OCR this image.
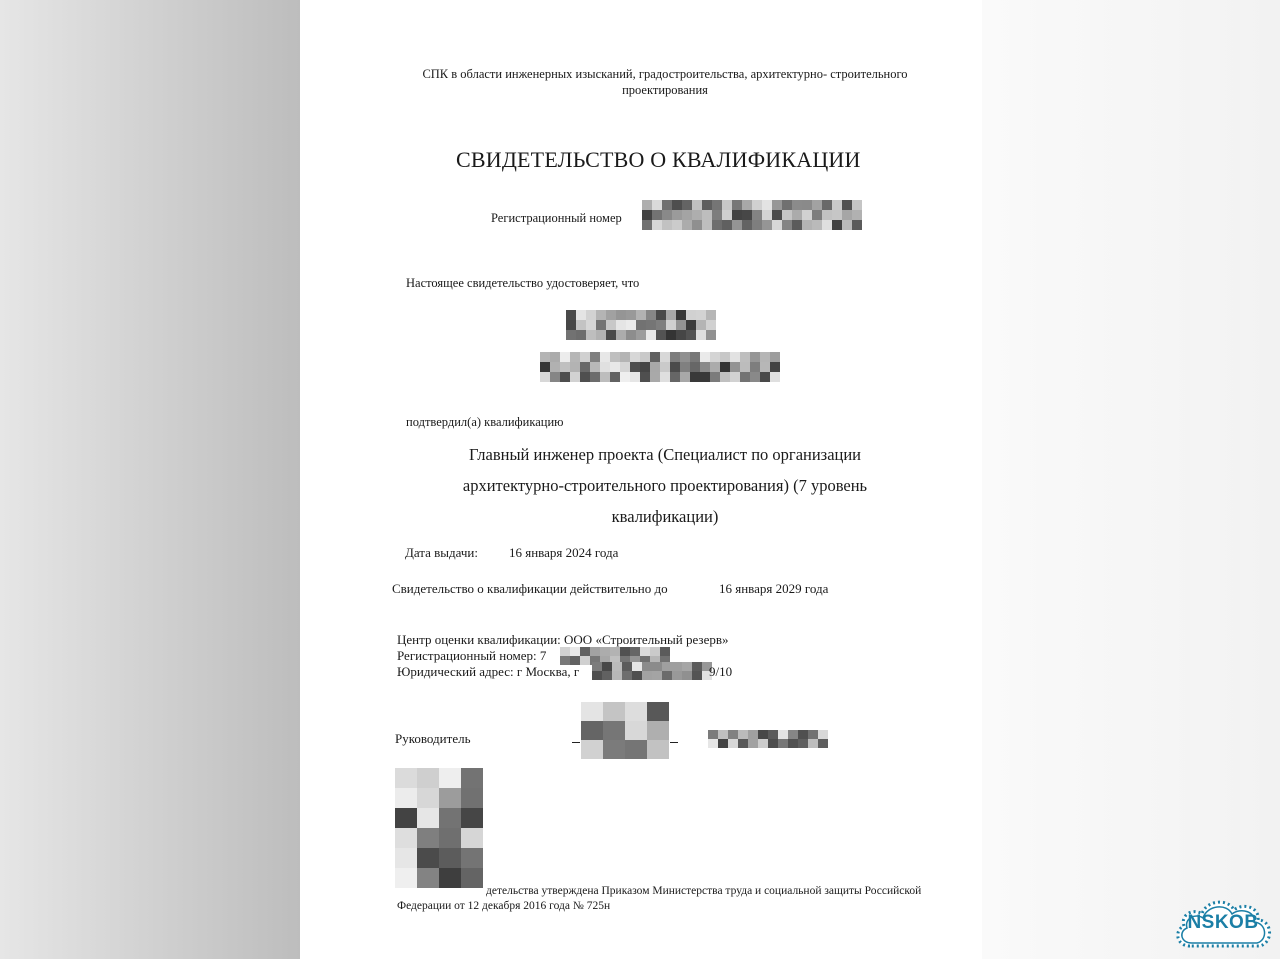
СПК в области инженерных изысканий, градостроительства, архитектурно- строительного проектирования
СВИДЕТЕЛЬСТВО О КВАЛИФИКАЦИИ
Регистрационный номер
Настоящее свидетельство удостоверяет, что
подтвердил(а) квалификацию
Главный инженер проекта (Специалист по организации архитектурно-строительного проектирования) (7 уровень квалификации)
Дата выдачи: 16 января 2024 года
Свидетельство о квалификации действительно до	16 января 2029 года
Центр оценки квалификации: ООО «Строительный резерв»
Регистрационный номер: 7
Юридический адрес: г Москва, г	9/10
Руководитель
детельства утверждена Приказом Министерства труда и социальной защиты Российской
Федерации от 12 декабря 2016 года № 725н
NSKOB
